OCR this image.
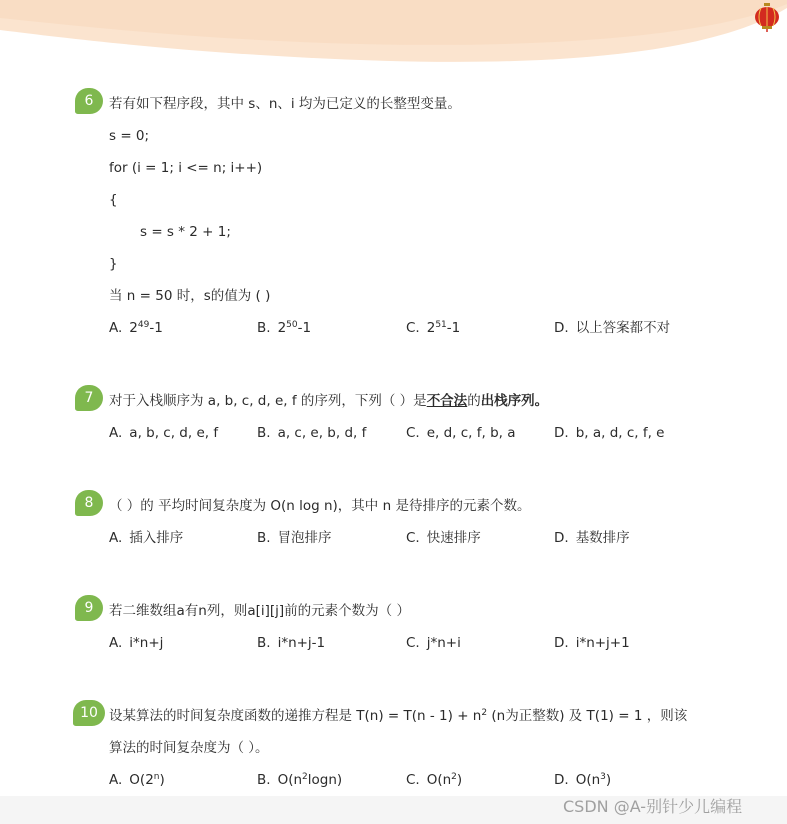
6	若有如下程序段，其中 s、n、i 均为已定义的长整型变量。
s = 0;
for (i = 1; i <= n; i++)
{
s = s * 2 + 1;
}
当 n = 50 时，s的值为 ( )
A. $2^{49}-1$	B. $2^{50}-1$	C. $2^{51}-1$	D. 以上答案都不对
7	对于入栈顺序为 a, b, c, d, e, f 的序列，下列（ ）是不合法的出栈序列。
A. a, b, c, d, e, f	B. a, c, e, b, d, f	C. e, d, c, f, b, a	D. b, a, d, c, f, e
8	（ ）的 平均时间复杂度为 O(n log n)，其中 n 是待排序的元素个数。
A. 插入排序	B. 冒泡排序	C. 快速排序	D. 基数排序
9	若二维数组a有n列，则a[i][j]前的元素个数为（ ）
A. i*n+j	B. i*n+j-1	C. j*n+i	D. i*n+j+1
10 设某算法的时间复杂度函数的递推方程是 $T(n) = T(n - 1) + n^2$ (n为正整数) 及 T(1) = 1 ，则该
算法的时间复杂度为（ ）。
A. O(2$^n$)	B. $O(n^2\log n)$	C. $O(n^2)$	D. $O(n^3)$
CSDN @A-别针少儿编程
